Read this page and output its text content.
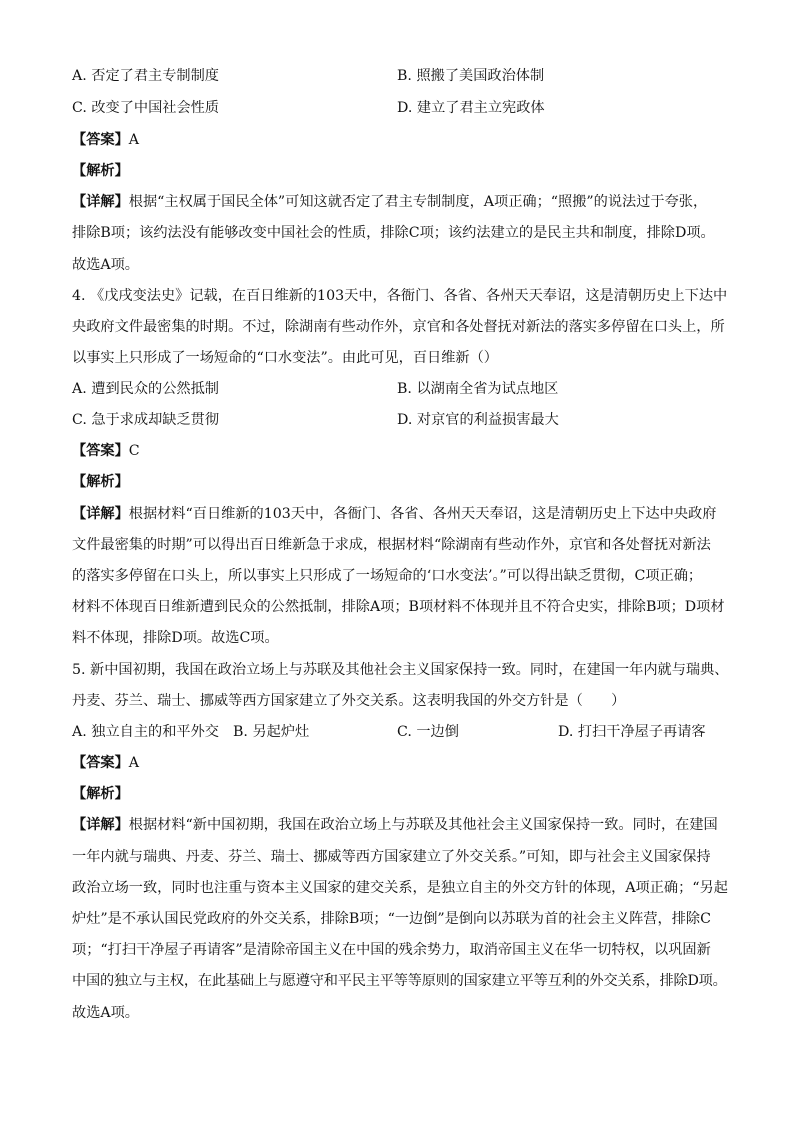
A. 否定了君主专制制度	B. 照搬了美国政治体制
C. 改变了中国社会性质	D. 建立了君主立宪政体
【答案】A
【解析】
【详解】根据“主权属于国民全体”可知这就否定了君主专制制度，A项正确；“照搬”的说法过于夸张，
排除B项；该约法没有能够改变中国社会的性质，排除C项；该约法建立的是民主共和制度，排除D项。
故选A项。
4. 《戊戌变法史》记载，在百日维新的103天中，各衙门、各省、各州天天奉诏，这是清朝历史上下达中
央政府文件最密集的时期。不过，除湖南有些动作外，京官和各处督抚对新法的落实多停留在口头上，所
以事实上只形成了一场短命的“口水变法”。由此可见，百日维新（）
A. 遭到民众的公然抵制	B. 以湖南全省为试点地区
C. 急于求成却缺乏贯彻	D. 对京官的利益损害最大
【答案】C
【解析】
【详解】根据材料“百日维新的103天中，各衙门、各省、各州天天奉诏，这是清朝历史上下达中央政府
文件最密集的时期”可以得出百日维新急于求成，根据材料“除湖南有些动作外，京官和各处督抚对新法
的落实多停留在口头上，所以事实上只形成了一场短命的‘口水变法’。”可以得出缺乏贯彻，C项正确；
材料不体现百日维新遭到民众的公然抵制，排除A项；B项材料不体现并且不符合史实，排除B项；D项材
料不体现，排除D项。故选C项。
5. 新中国初期，我国在政治立场上与苏联及其他社会主义国家保持一致。同时，在建国一年内就与瑞典、
丹麦、芬兰、瑞士、挪威等西方国家建立了外交关系。这表明我国的外交方针是（　　）
A. 独立自主的和平外交 B. 另起炉灶	C. 一边倒	D. 打扫干净屋子再请客
【答案】A
【解析】
【详解】根据材料“新中国初期，我国在政治立场上与苏联及其他社会主义国家保持一致。同时，在建国
一年内就与瑞典、丹麦、芬兰、瑞士、挪威等西方国家建立了外交关系。”可知，即与社会主义国家保持
政治立场一致，同时也注重与资本主义国家的建交关系，是独立自主的外交方针的体现，A项正确；“另起
炉灶”是不承认国民党政府的外交关系，排除B项；“一边倒”是倒向以苏联为首的社会主义阵营，排除C
项；“打扫干净屋子再请客”是清除帝国主义在中国的残余势力，取消帝国主义在华一切特权，以巩固新
中国的独立与主权，在此基础上与愿遵守和平民主平等等原则的国家建立平等互利的外交关系，排除D项。
故选A项。
